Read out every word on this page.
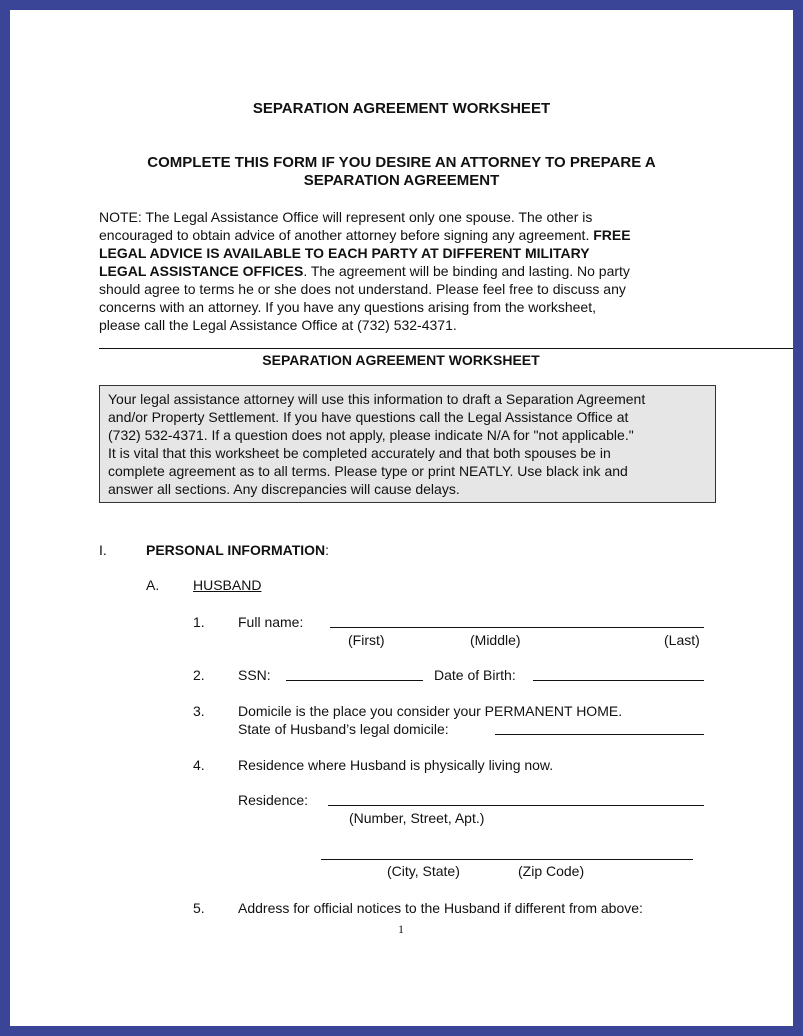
SEPARATION AGREEMENT WORKSHEET
COMPLETE THIS FORM IF YOU DESIRE AN ATTORNEY TO PREPARE A
SEPARATION AGREEMENT
NOTE: The Legal Assistance Office will represent only one spouse. The other is
encouraged to obtain advice of another attorney before signing any agreement. FREE
LEGAL ADVICE IS AVAILABLE TO EACH PARTY AT DIFFERENT MILITARY
LEGAL ASSISTANCE OFFICES. The agreement will be binding and lasting. No party
should agree to terms he or she does not understand. Please feel free to discuss any
concerns with an attorney. If you have any questions arising from the worksheet,
please call the Legal Assistance Office at (732) 532-4371.
SEPARATION AGREEMENT WORKSHEET
Your legal assistance attorney will use this information to draft a Separation Agreement
and/or Property Settlement. If you have questions call the Legal Assistance Office at
(732) 532-4371. If a question does not apply, please indicate N/A for "not applicable."
It is vital that this worksheet be completed accurately and that both spouses be in
complete agreement as to all terms. Please type or print NEATLY. Use black ink and
answer all sections. Any discrepancies will cause delays.
I.	PERSONAL INFORMATION:
A. HUSBAND
1. Full name:
(First)	(Middle)	(Last)
2. SSN:	Date of Birth:
3. Domicile is the place you consider your PERMANENT HOME.
State of Husband’s legal domicile:
4. Residence where Husband is physically living now.
Residence:
(Number, Street, Apt.)
(City, State)	(Zip Code)
5. Address for official notices to the Husband if different from above:
1
